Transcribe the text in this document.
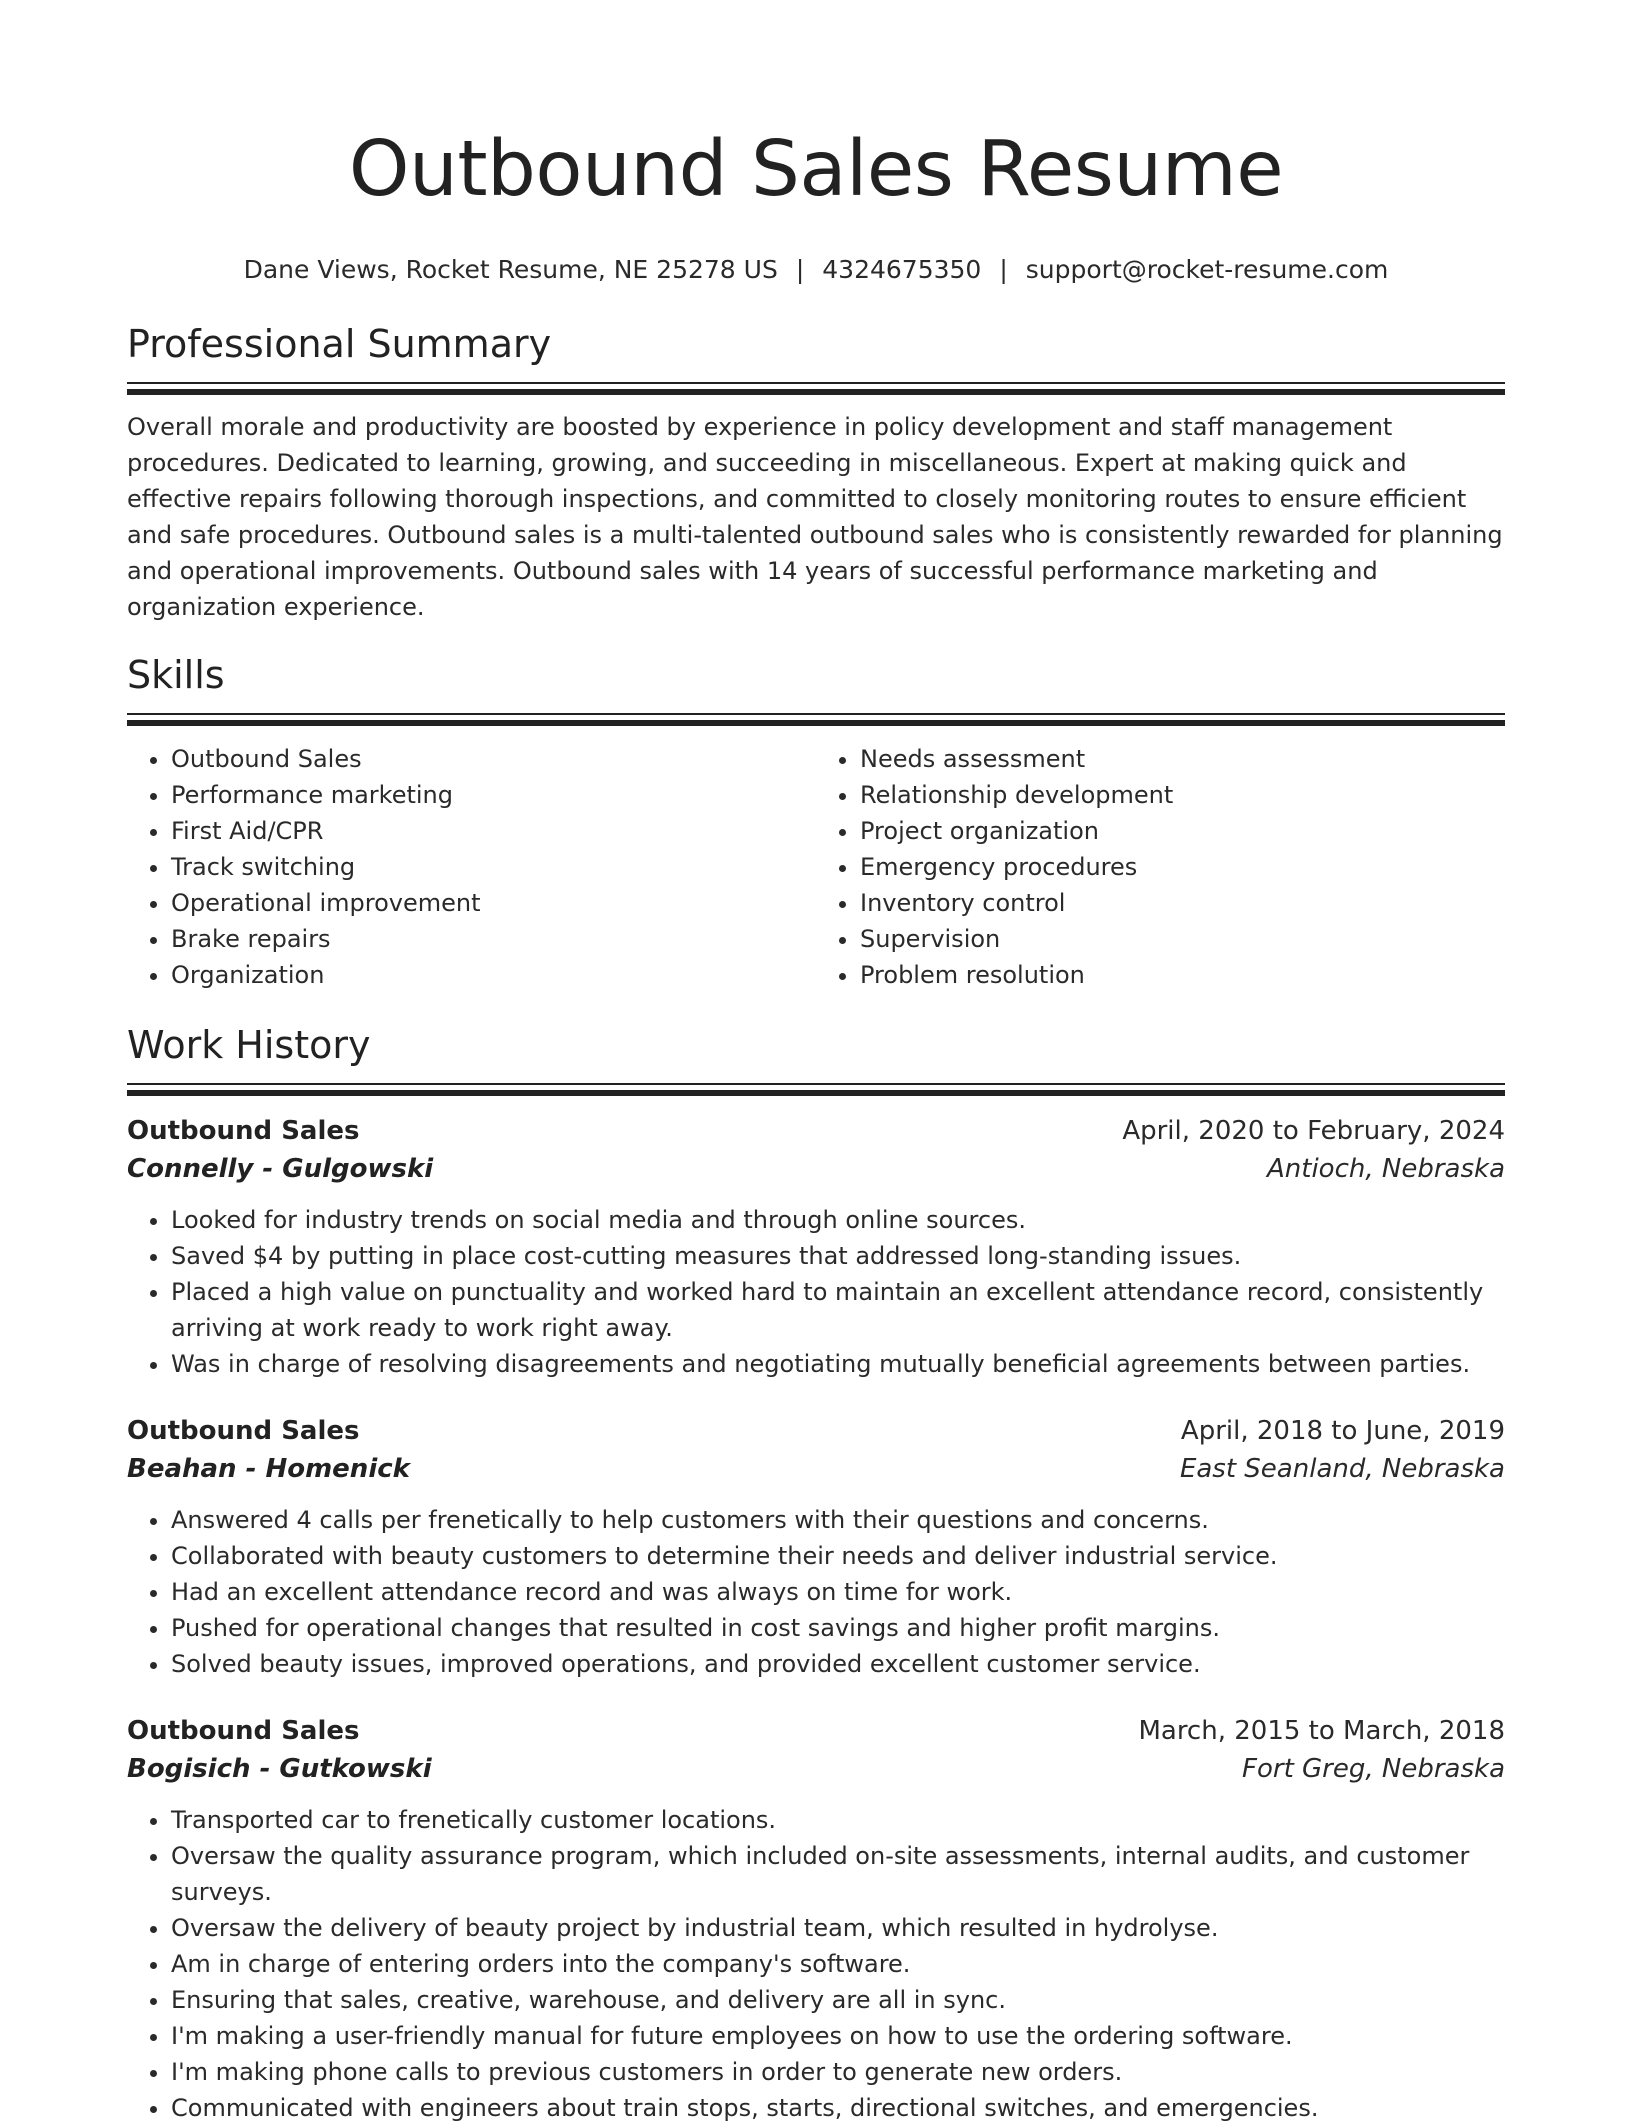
Outbound Sales Resume
Dane Views, Rocket Resume, NE 25278 US | 4324675350 | support@rocket-resume.com
Professional Summary

Overall morale and productivity are boosted by experience in policy development and staff management procedures. Dedicated to learning, growing, and succeeding in miscellaneous. Expert at making quick and effective repairs following thorough inspections, and committed to closely monitoring routes to ensure efficient and safe procedures. Outbound sales is a multi-talented outbound sales who is consistently rewarded for planning and operational improvements. Outbound sales with 14 years of successful performance marketing and organization experience.

Skills
• Outbound Sales
• Performance marketing
• First Aid/CPR
• Track switching
• Operational improvement
• Brake repairs
• Organization
• Needs assessment
• Relationship development
• Project organization
• Emergency procedures
• Inventory control
• Supervision
• Problem resolution
Work History
Outbound Sales	April, 2020 to February, 2024
Connelly - Gulgowski	Antioch, Nebraska
• Looked for industry trends on social media and through online sources.
• Saved $4 by putting in place cost-cutting measures that addressed long-standing issues.
• Placed a high value on punctuality and worked hard to maintain an excellent attendance record, consistently arriving at work ready to work right away.
• Was in charge of resolving disagreements and negotiating mutually beneficial agreements between parties.
Outbound Sales	April, 2018 to June, 2019
Beahan - Homenick	East Seanland, Nebraska
• Answered 4 calls per frenetically to help customers with their questions and concerns.
• Collaborated with beauty customers to determine their needs and deliver industrial service.
• Had an excellent attendance record and was always on time for work.
• Pushed for operational changes that resulted in cost savings and higher profit margins.
• Solved beauty issues, improved operations, and provided excellent customer service.
Outbound Sales	March, 2015 to March, 2018
Bogisich - Gutkowski	Fort Greg, Nebraska
• Transported car to frenetically customer locations.
• Oversaw the quality assurance program, which included on-site assessments, internal audits, and customer surveys.
• Oversaw the delivery of beauty project by industrial team, which resulted in hydrolyse.
• Am in charge of entering orders into the company's software.
• Ensuring that sales, creative, warehouse, and delivery are all in sync.
• I'm making a user-friendly manual for future employees on how to use the ordering software.
• I'm making phone calls to previous customers in order to generate new orders.
• Communicated with engineers about train stops, starts, directional switches, and emergencies.
